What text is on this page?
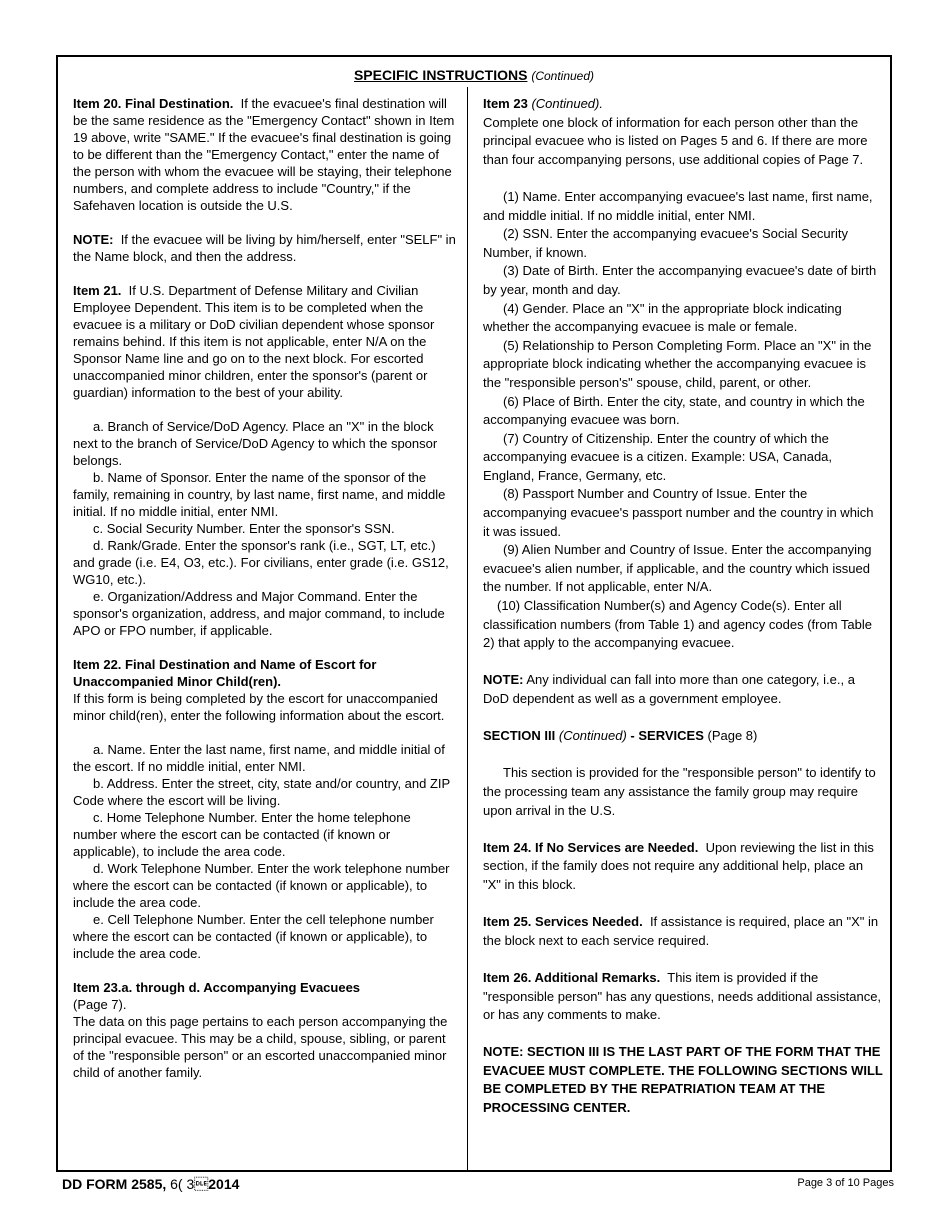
SPECIFIC INSTRUCTIONS (Continued)

Item 20. Final Destination. If the evacuee's final destination will be the same residence as the "Emergency Contact" shown in Item 19 above, write "SAME." If the evacuee's final destination is going to be different than the "Emergency Contact," enter the name of the person with whom the evacuee will be staying, their telephone numbers, and complete address to include "Country," if the Safehaven location is outside the U.S.

NOTE: If the evacuee will be living by him/herself, enter "SELF" in the Name block, and then the address.

Item 21. If U.S. Department of Defense Military and Civilian Employee Dependent. This item is to be completed when the evacuee is a military or DoD civilian dependent whose sponsor remains behind. If this item is not applicable, enter N/A on the Sponsor Name line and go on to the next block. For escorted unaccompanied minor children, enter the sponsor's (parent or guardian) information to the best of your ability.

a. Branch of Service/DoD Agency. Place an "X" in the block next to the branch of Service/DoD Agency to which the sponsor belongs.

b. Name of Sponsor. Enter the name of the sponsor of the family, remaining in country, by last name, first name, and middle initial. If no middle initial, enter NMI.

c. Social Security Number. Enter the sponsor's SSN.

d. Rank/Grade. Enter the sponsor's rank (i.e., SGT, LT, etc.) and grade (i.e. E4, O3, etc.). For civilians, enter grade (i.e. GS12, WG10, etc.).

e. Organization/Address and Major Command. Enter the sponsor's organization, address, and major command, to include APO or FPO number, if applicable.

Item 22. Final Destination and Name of Escort for Unaccompanied Minor Child(ren).

If this form is being completed by the escort for unaccompanied minor child(ren), enter the following information about the escort.

a. Name. Enter the last name, first name, and middle initial of the escort. If no middle initial, enter NMI.

b. Address. Enter the street, city, state and/or country, and ZIP Code where the escort will be living.

c. Home Telephone Number. Enter the home telephone number where the escort can be contacted (if known or applicable), to include the area code.

d. Work Telephone Number. Enter the work telephone number where the escort can be contacted (if known or applicable), to include the area code.

e. Cell Telephone Number. Enter the cell telephone number where the escort can be contacted (if known or applicable), to include the area code.

Item 23.a. through d. Accompanying Evacuees

(Page 7).

The data on this page pertains to each person accompanying the principal evacuee. This may be a child, spouse, sibling, or parent of the "responsible person" or an escorted unaccompanied minor child of another family.

Item 23 (Continued).

Complete one block of information for each person other than the principal evacuee who is listed on Pages 5 and 6. If there are more than four accompanying persons, use additional copies of Page 7.

(1) Name. Enter accompanying evacuee's last name, first name, and middle initial. If no middle initial, enter NMI.

(2) SSN. Enter the accompanying evacuee's Social Security Number, if known.

(3) Date of Birth. Enter the accompanying evacuee's date of birth by year, month and day.

(4) Gender. Place an "X" in the appropriate block indicating whether the accompanying evacuee is male or female.

(5) Relationship to Person Completing Form. Place an "X" in the appropriate block indicating whether the accompanying evacuee is the "responsible person's" spouse, child, parent, or other.

(6) Place of Birth. Enter the city, state, and country in which the accompanying evacuee was born.

(7) Country of Citizenship. Enter the country of which the accompanying evacuee is a citizen. Example: USA, Canada, England, France, Germany, etc.

(8) Passport Number and Country of Issue. Enter the accompanying evacuee's passport number and the country in which it was issued.

(9) Alien Number and Country of Issue. Enter the accompanying evacuee's alien number, if applicable, and the country which issued the number. If not applicable, enter N/A.

(10) Classification Number(s) and Agency Code(s). Enter all classification numbers (from Table 1) and agency codes (from Table 2) that apply to the accompanying evacuee.

NOTE: Any individual can fall into more than one category, i.e., a DoD dependent as well as a government employee.

SECTION III (Continued) - SERVICES (Page 8)

This section is provided for the "responsible person" to identify to the processing team any assistance the family group may require upon arrival in the U.S.

Item 24. If No Services are Needed. Upon reviewing the list in this section, if the family does not require any additional help, place an "X" in this block.

Item 25. Services Needed. If assistance is required, place an "X" in the block next to each service required.

Item 26. Additional Remarks. This item is provided if the "responsible person" has any questions, needs additional assistance, or has any comments to make.

NOTE: SECTION III IS THE LAST PART OF THE FORM THAT THE EVACUEE MUST COMPLETE. THE FOLLOWING SECTIONS WILL BE COMPLETED BY THE REPATRIATION TEAM AT THE PROCESSING CENTER.

DD FORM 2585, 6( 32014	Page 3 of 10 Pages
